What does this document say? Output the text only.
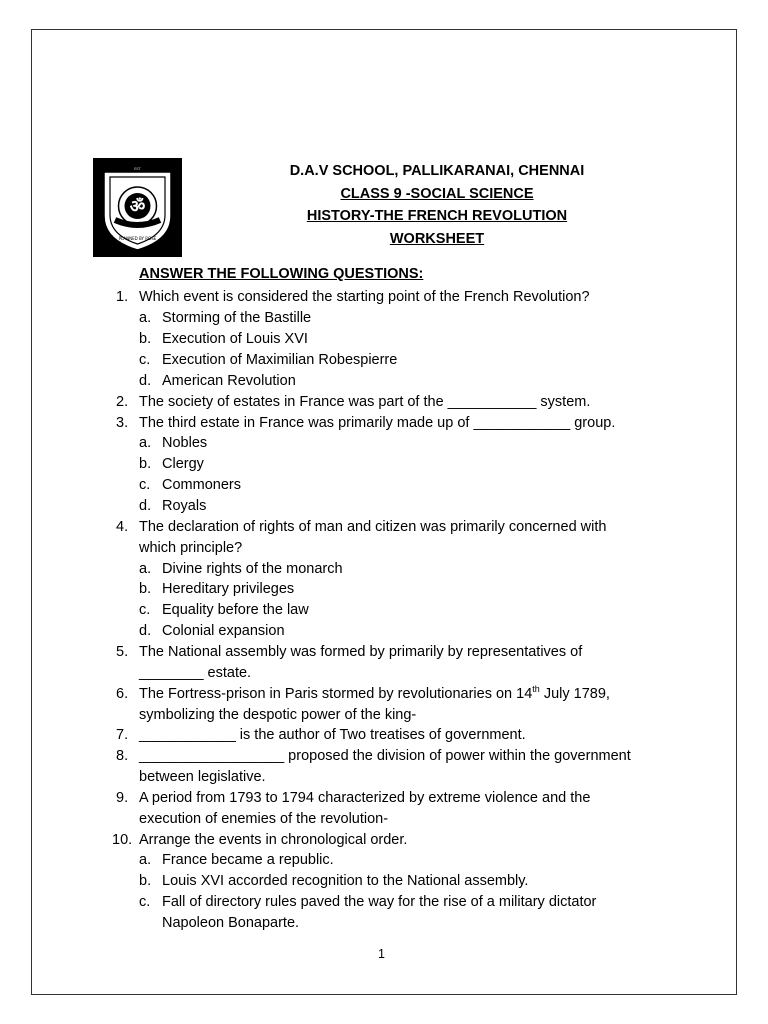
ॐ
PLANNED BY ROSE
EST	D.A.V SCHOOL, PALLIKARANAI, CHENNAI
CLASS 9 -SOCIAL SCIENCE
HISTORY-THE FRENCH REVOLUTION
WORKSHEET
ANSWER THE FOLLOWING QUESTIONS:
1. Which event is considered the starting point of the French Revolution?
a. Storming of the Bastille
b. Execution of Louis XVI
c. Execution of Maximilian Robespierre
d. American Revolution
2. The society of estates in France was part of the ___________ system.
3. The third estate in France was primarily made up of ____________ group.
a. Nobles
b. Clergy
c. Commoners
d. Royals
4. The declaration of rights of man and citizen was primarily concerned with
which principle?
a. Divine rights of the monarch
b. Hereditary privileges
c. Equality before the law
d. Colonial expansion
5. The National assembly was formed by primarily by representatives of
________ estate.
6. The Fortress-prison in Paris stormed by revolutionaries on 14th July 1789,
symbolizing the despotic power of the king-
7. ____________ is the author of Two treatises of government.
8. __________________ proposed the division of power within the government
between legislative.
9. A period from 1793 to 1794 characterized by extreme violence and the
execution of enemies of the revolution-
10. Arrange the events in chronological order.
a. France became a republic.
b. Louis XVI accorded recognition to the National assembly.
c. Fall of directory rules paved the way for the rise of a military dictator
Napoleon Bonaparte.
1
